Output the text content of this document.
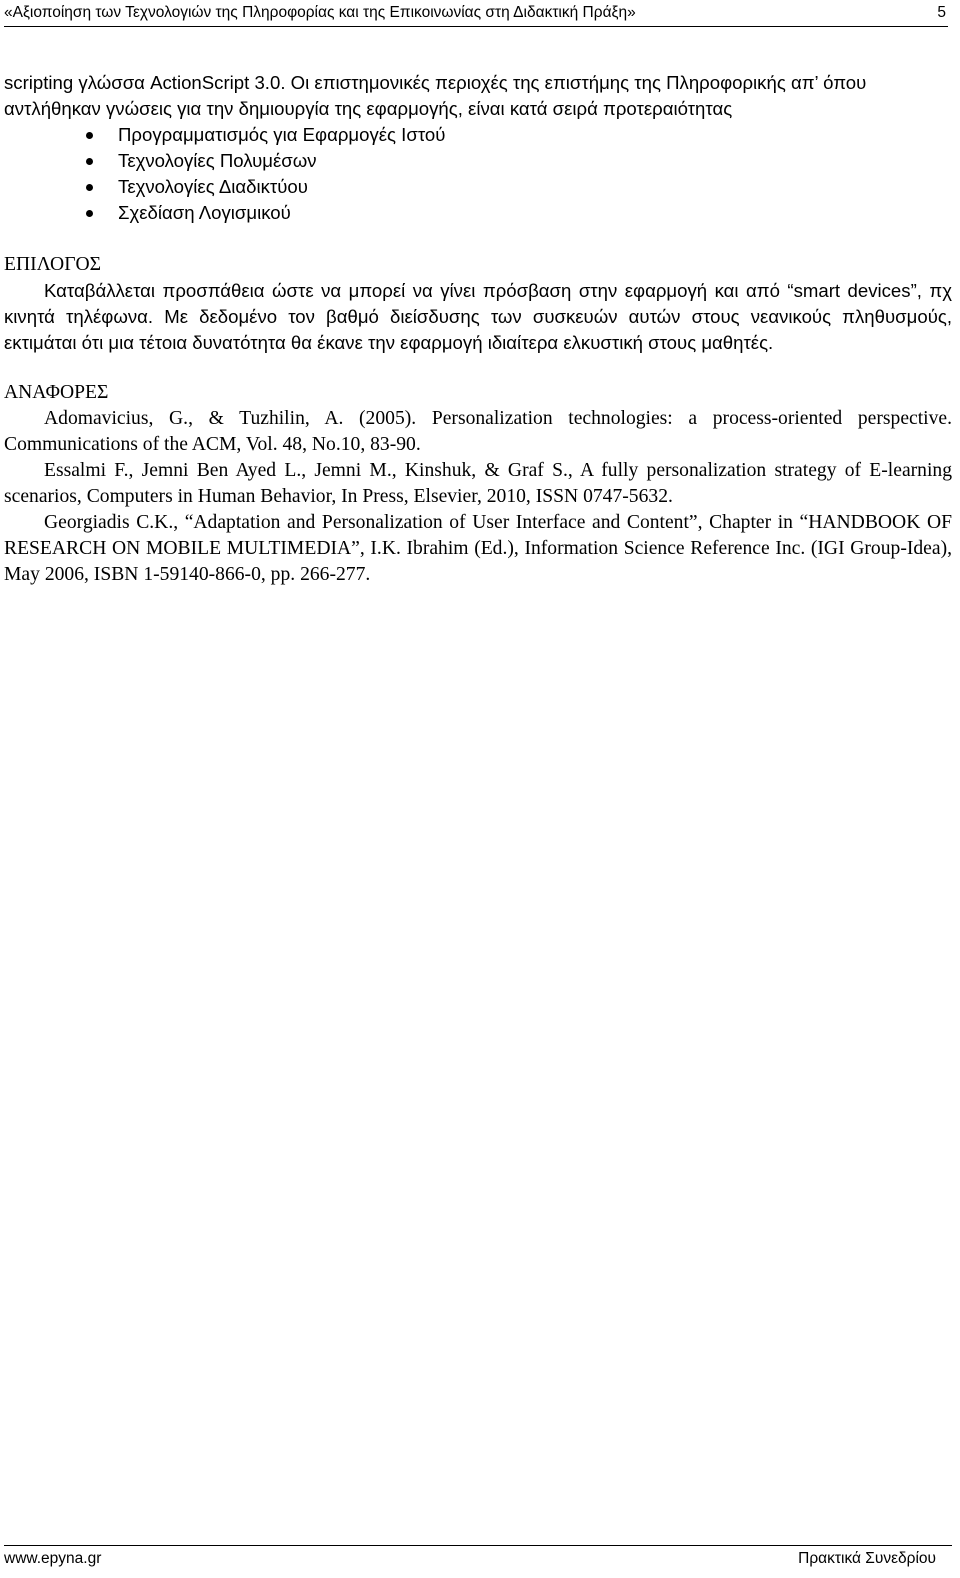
«Αξιοποίηση των Τεχνολογιών της Πληροφορίας και της Επικοινωνίας στη Διδακτική Πράξη»	5

scripting γλώσσα ActionScript 3.0. Οι επιστημονικές περιοχές της επιστήμης της Πληροφορικής απ’ όπου αντλήθηκαν γνώσεις για την δημιουργία της εφαρμογής, είναι κατά σειρά προτεραιότητας

Προγραμματισμός για Εφαρμογές Ιστού
Τεχνολογίες Πολυμέσων
Τεχνολογίες Διαδικτύου
Σχεδίαση Λογισμικού
ΕΠΙΛΟΓΟΣ

Καταβάλλεται προσπάθεια ώστε να μπορεί να γίνει πρόσβαση στην εφαρμογή και από “smart devices”, πχ κινητά τηλέφωνα. Με δεδομένο τον βαθμό διείσδυσης των συσκευών αυτών στους νεανικούς πληθυσμούς, εκτιμάται ότι μια τέτοια δυνατότητα θα έκανε την εφαρμογή ιδιαίτερα ελκυστική στους μαθητές.

ΑΝΑΦΟΡΕΣ

Adomavicius, G., & Tuzhilin, A. (2005). Personalization technologies: a process-oriented perspective. Communications of the ACM, Vol. 48, No.10, 83-90.

Essalmi F., Jemni Ben Ayed L., Jemni M., Kinshuk, & Graf S., A fully personalization strategy of E-learning scenarios, Computers in Human Behavior, In Press, Elsevier, 2010, ISSN 0747-5632.

Georgiadis C.K., “Adaptation and Personalization of User Interface and Content”, Chapter in “HANDBOOK OF RESEARCH ON MOBILE MULTIMEDIA”, I.K. Ibrahim (Ed.), Information Science Reference Inc. (IGI Group-Idea), May 2006, ISBN 1-59140-866-0, pp. 266-277.

www.epyna.gr	Πρακτικά Συνεδρίου
